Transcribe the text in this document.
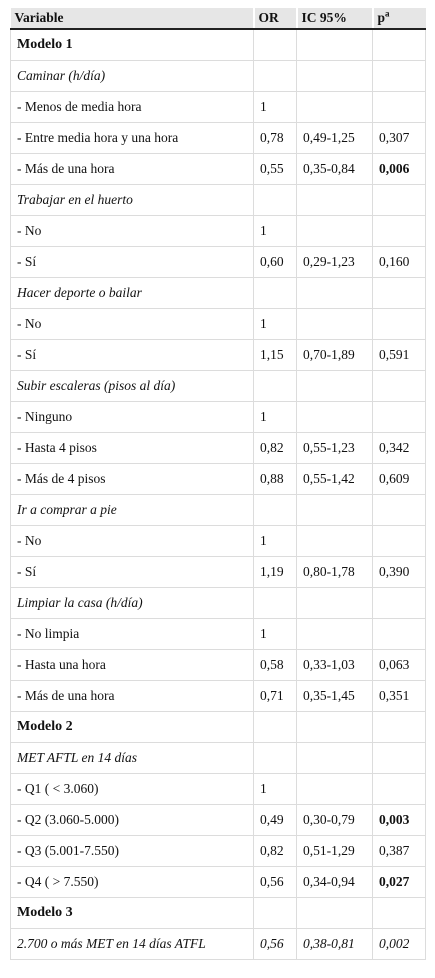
Variable	OR	IC 95%	$p^a$
Modelo 1			
Caminar (h/día)			
- Menos de media hora	1		
- Entre media hora y una hora	0,78	0,49-1,25	0,307
- Más de una hora	0,55	0,35-0,84	0,006
Trabajar en el huerto			
- No	1		
- Sí	0,60	0,29-1,23	0,160
Hacer deporte o bailar			
- No	1		
- Sí	1,15	0,70-1,89	0,591
Subir escaleras (pisos al día)			
- Ninguno	1		
- Hasta 4 pisos	0,82	0,55-1,23	0,342
- Más de 4 pisos	0,88	0,55-1,42	0,609
Ir a comprar a pie			
- No	1		
- Sí	1,19	0,80-1,78	0,390
Limpiar la casa (h/día)			
- No limpia	1		
- Hasta una hora	0,58	0,33-1,03	0,063
- Más de una hora	0,71	0,35-1,45	0,351
Modelo 2			
MET AFTL en 14 días			
- Q1 ( < 3.060)	1		
- Q2 (3.060-5.000)	0,49	0,30-0,79	0,003
- Q3 (5.001-7.550)	0,82	0,51-1,29	0,387
- Q4 ( > 7.550)	0,56	0,34-0,94	0,027
Modelo 3			
2.700 o más MET en 14 días ATFL	0,56	0,38-0,81	0,002
